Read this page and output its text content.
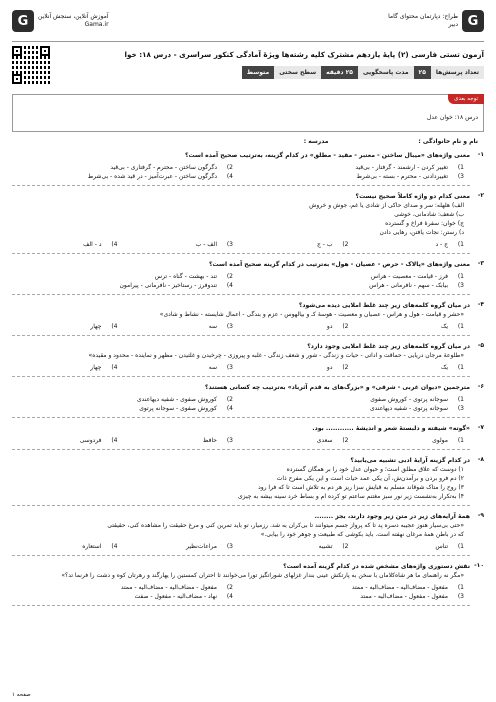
G
طراح: دپارتمان محتوای گاما
دبیر
G	آموزش آنلاین، سنجش آنلاین
Gama.ir
آزمون تستی فارسی (۲) پایهٔ یازدهم مشترک کلیه رشته‌ها ویژهٔ آمادگی کنکور سراسری - درس ۱۸: خوا
تعداد پرسش‌ها
۲۵
مدت پاسخگویی
۲۵ دقیقه
سطح سختی
متوسط
توجه بعدی
درس ۱۸: خوان عدل
نام و نام خانوادگی :
مدرسه :
۱-
معنی واژه‌های «میبال ساختن - معتبر - مقید - مطلق» در کدام گزینه، به‌ترتیب صحیح آمده است؟
1)
تغییر کردن - ارشمند - گرفتار - بی‌قید
2)
دگرگون ساختن - محترم - گرفتاری - بی‌قید
3)
تغییردادنی - محترم - بسته - بی‌شرط
4)
دگرگون ساختن - عبرت‌آمیز - در قید شده - بی‌شرط
۲-
معنی کدام دو واژه کاملاً صحیح نیست؟
الف) هلهله: سر و صدای حاکی از شادی یا غم، جوش و خروش
ب) شعف: شادمانی، خوشی
ج) خوان: سفرهٔ فراخ و گسترده
د) رستن: نجات یافتن، رهایی دادن
1)
ج - د
2)
ب - ج
3)
الف - ب
4)
د - الف
۳-
معنی واژه‌های «پالاک - حرص - عصیان - هول» به‌ترتیب در کدام گزینه صحیح آمده است؟
1)
فرز - قیامت - معصیت - هراس
2)
تند - بهشت - گناه - ترس
3)
بیابک - سهم - نافرمانی - هراس
4)
تندوفرز - رستاخیز - نافرمانی - پیرامون
۴-
در میان گروه کلمه‌های زیر چند غلط املایی دیده می‌شود؟
«حشر و قیامت - هول و هراس - عصیان و معصیت - هوسهٔ کـ و بیالهوس - عزم و بندگی - اعمال شایسته - نشاط و شادی»
1)
یک
2)
دو
3)
سه
4)
چهار
۵-
در میان گروه کلمه‌های زیر چند غلط املایی وجود دارد؟
«طلوعهٔ مرجان دریایی - حماقت و اداتی - حیات و زندگی - شور و شعف زندگی - غلبه و پیروزی - چرخیدن و غلتیدن - مظهر و نماینده - محدود و مقیده»
1)
یک
2)
دو
3)
سه
4)
چهار
۶-
مترجمین «دیوان غربی - شرقی» و «بزرگ‌های به قدم آثرباد» به‌ترتیب چه کسانی هستند؟
1)
سوجانه پرتوی - کوروش صفوی
2)
کوروش صفوی - شفیه دیهاعندی
3)
سوجانه پرتوی - شفیه دیهاعندی
4)
کوروش صفوی - سوجانه پرتوی
۷-
«گوته» شیفته و دلبستهٔ شعر و اندیشهٔ ............ بود.
1)
مولوی
2)
سعدی
3)
حافظ
4)
فردوسی
۸-
در کدام گزینه آرایهٔ ادبی تشبیه می‌یابید؟
۱) دوست که علاق مطلق است؛ و حیوان عدل خود را بر همگان گسترده
۲) دم فرو بردن و برآمدن‌ش، آن یکی عمد حیات است و این یکی مفرح ذات
۳) روح را متاک شوقاند مسلم به قبایش سزا ریز هر دم به تلاش است تا که فرا رود
۴) به‌تکرار به‌نشست زیر نور سبز مغتنم ساعتم تو کرده ام و بساط خرد سینه بیشه به چیزی
۹-
همهٔ آرایه‌های زیر در متن زیر وجود دارند، بجز ........
«حتی بی‌سیار هنوز عجیبه دسره پد تا که پرواز جسم میتوانند تا بی‌کران به شد. رزمیار، تو باید تمرین کنی و مرغ حقیقت را مشاهده کنی، حقیقتی
که در باطن همهٔ مرغان نهفته است. باید بکوشی که طبیعت و جوهر خود را بیابی.»
1)
تناس
2)
تشبیه
3)
مراعات‌نظیر
4)
استعاره
۱۰-
نقش دستوری واژه‌های مشخص شده در کدام گزینه آمده است؟
«مگر نه راهنمای ما هر شاه‌کلامان با سخن به پارتکش عینی بندار غزلهای شوراتگیز تورا می‌خوانند تا احتران کمستین را یهارگند و رهرتان کوه و دشت را فرنما تد؟»
1)
مفعول - مضاف‌الیه - مضاف‌الیه - ممتد
2)
مفعول - مضاف‌الیه - مضاف‌الیه - ممتد
3)
مفعول - مفعول - مضاف‌الیه - ممتد
4)
نهاد - مضاف‌الیه - مفعول - صفت
صفحه ۱
